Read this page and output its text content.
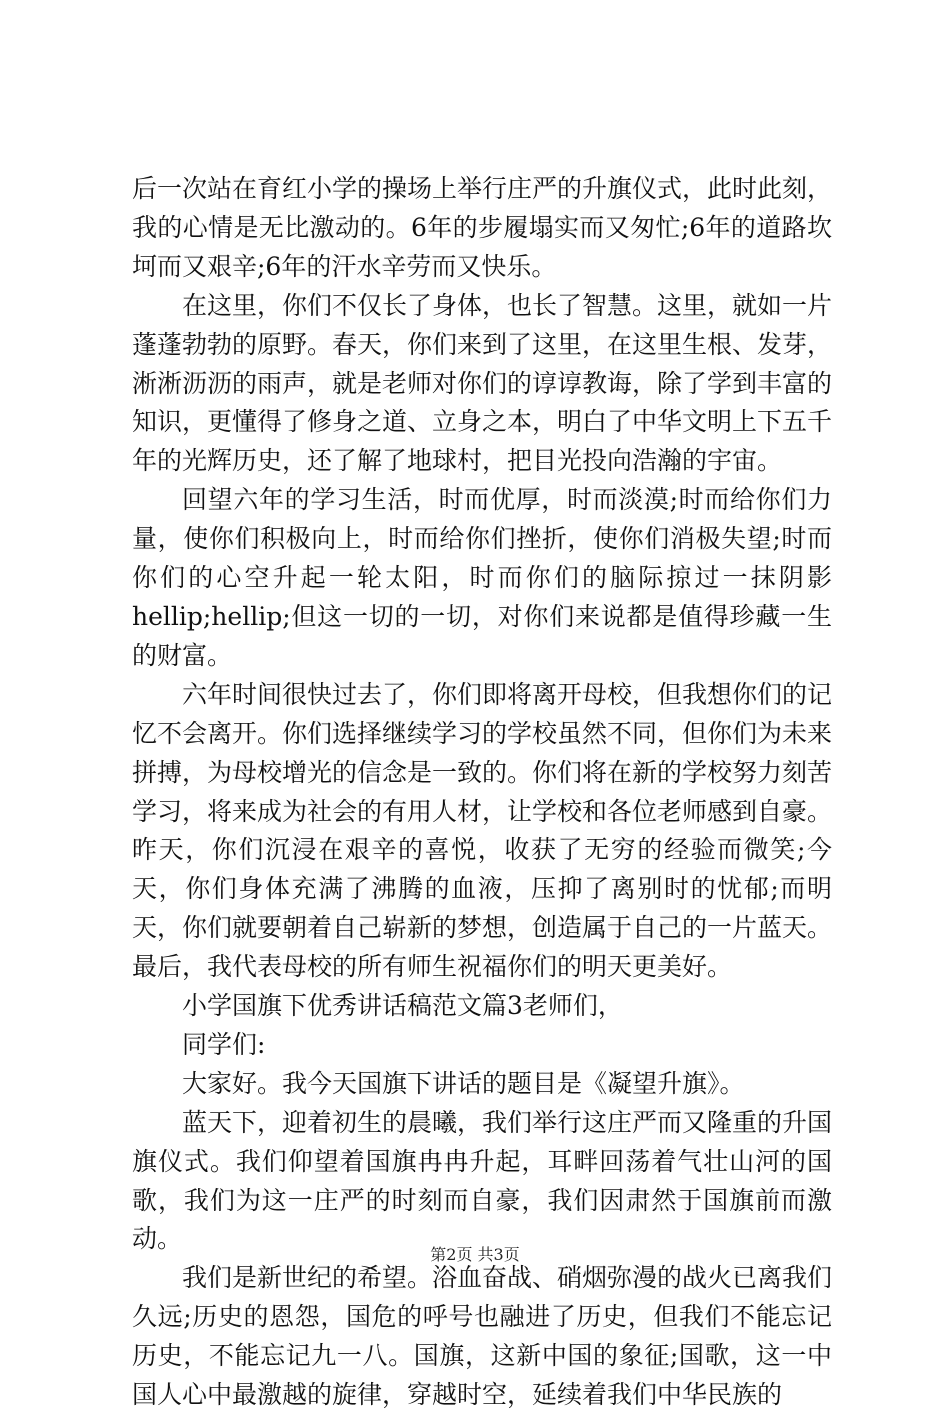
后一次站在育红小学的操场上举行庄严的升旗仪式，此时此刻，我的心情是无比激动的。6年的步履塌实而又匆忙;6年的道路坎坷而又艰辛;6年的汗水辛劳而又快乐。

在这里，你们不仅长了身体，也长了智慧。这里，就如一片蓬蓬勃勃的原野。春天，你们来到了这里，在这里生根、发芽，淅淅沥沥的雨声，就是老师对你们的谆谆教诲，除了学到丰富的知识，更懂得了修身之道、立身之本，明白了中华文明上下五千年的光辉历史，还了解了地球村，把目光投向浩瀚的宇宙。

回望六年的学习生活，时而优厚，时而淡漠;时而给你们力量，使你们积极向上，时而给你们挫折，使你们消极失望;时而你们的心空升起一轮太阳，时而你们的脑际掠过一抹阴影hellip;hellip;但这一切的一切，对你们来说都是值得珍藏一生的财富。

六年时间很快过去了，你们即将离开母校，但我想你们的记忆不会离开。你们选择继续学习的学校虽然不同，但你们为未来拼搏，为母校增光的信念是一致的。你们将在新的学校努力刻苦学习，将来成为社会的有用人材，让学校和各位老师感到自豪。昨天，你们沉浸在艰辛的喜悦，收获了无穷的经验而微笑;今天，你们身体充满了沸腾的血液，压抑了离别时的忧郁;而明天，你们就要朝着自己崭新的梦想，创造属于自己的一片蓝天。最后，我代表母校的所有师生祝福你们的明天更美好。

小学国旗下优秀讲话稿范文篇3老师们，

同学们:

大家好。我今天国旗下讲话的题目是《凝望升旗》。

蓝天下，迎着初生的晨曦，我们举行这庄严而又隆重的升国旗仪式。我们仰望着国旗冉冉升起，耳畔回荡着气壮山河的国歌，我们为这一庄严的时刻而自豪，我们因肃然于国旗前而激动。

我们是新世纪的希望。浴血奋战、硝烟弥漫的战火已离我们久远;历史的恩怨，国危的呼号也融进了历史，但我们不能忘记历史，不能忘记九一八。国旗，这新中国的象征;国歌，这一中国人心中最激越的旋律，穿越时空，延续着我们中华民族的

第2页 共3页
